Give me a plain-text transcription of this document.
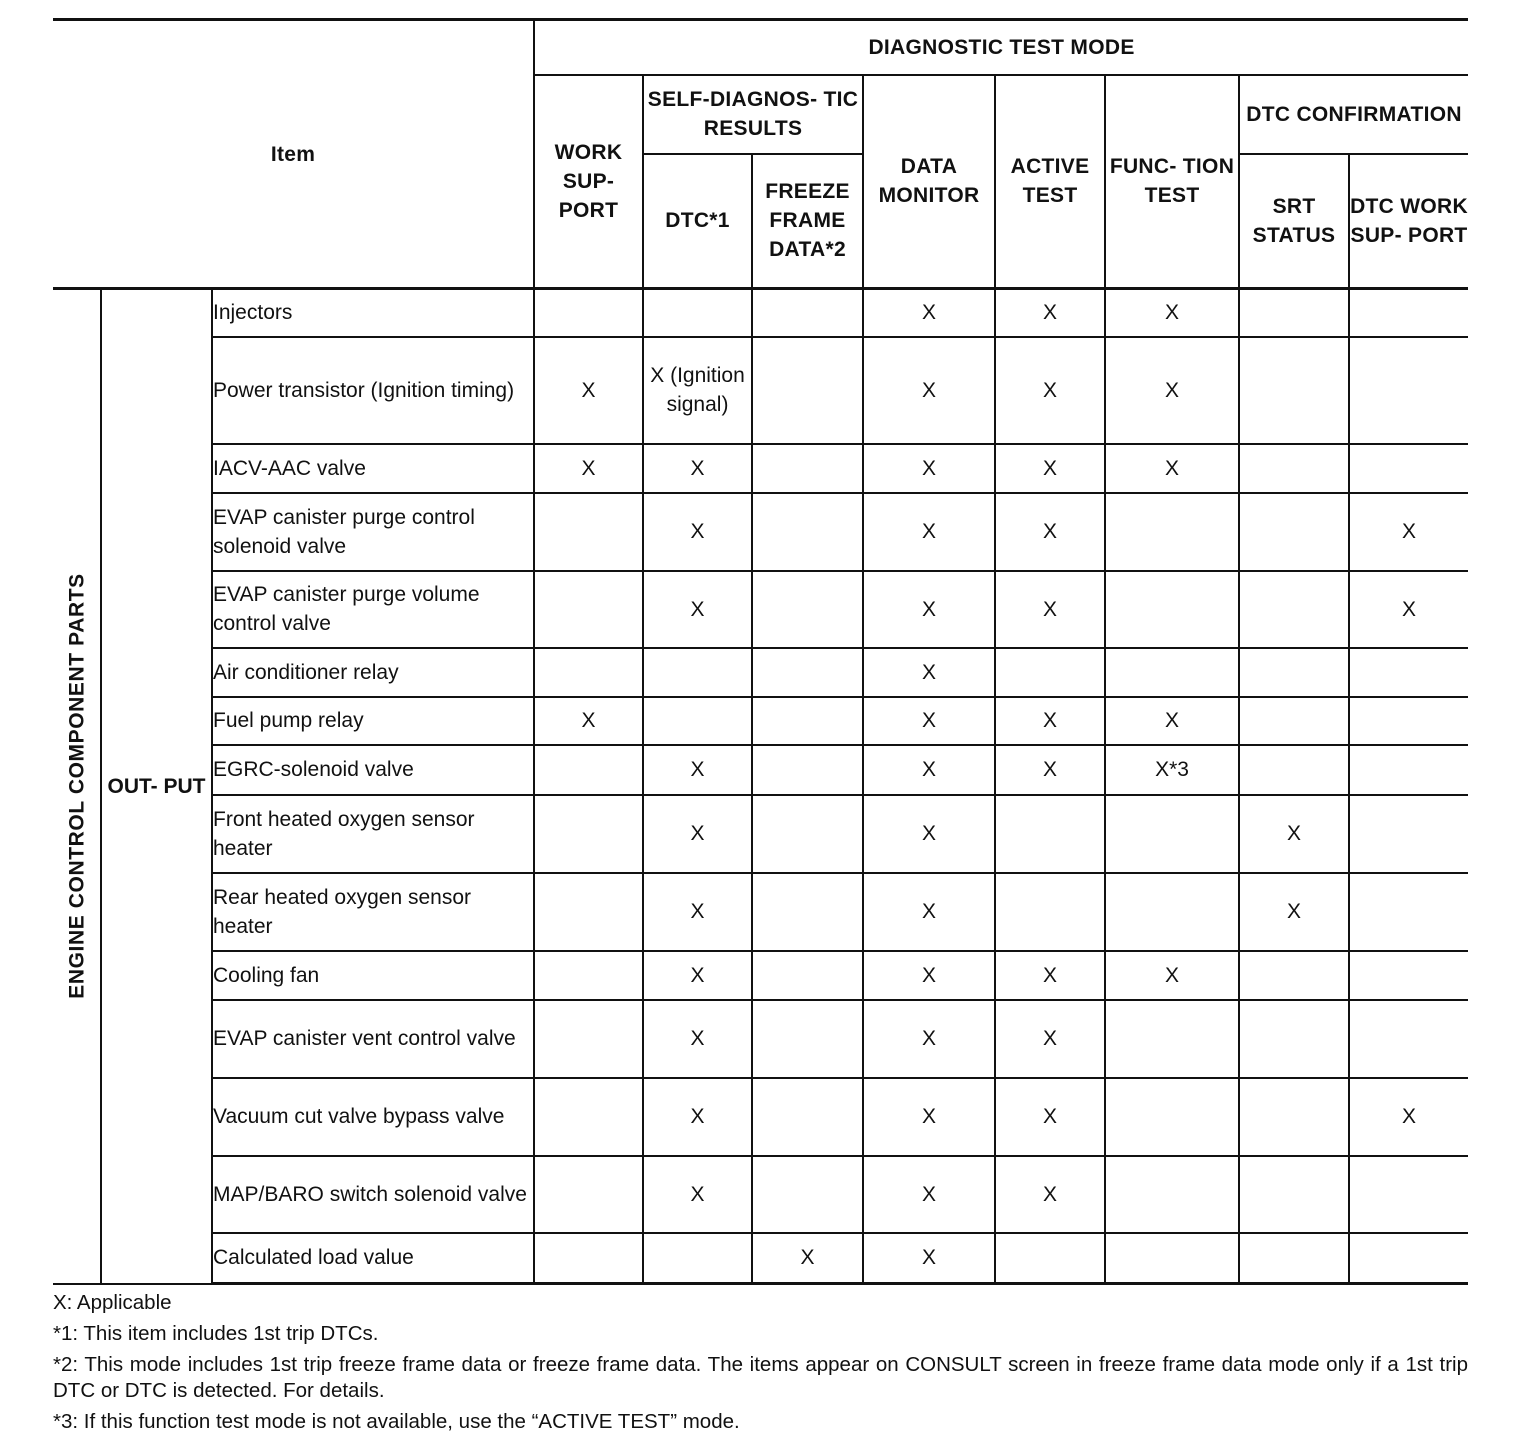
Item			DIAGNOSTIC TEST MODE							
			WORK SUP- PORT	SELF-DIAGNOS- TIC RESULTS		DATA MONITOR	ACTIVE TEST	FUNC- TION TEST	DTC CONFIRMATION	
				DTC*1	FREEZE FRAME DATA*2				SRT STATUS	DTC WORK SUP- PORT

ENGINE CONTROL COMPONENT PARTS	OUT- PUT	Injectors				X	X	X		
		Power transistor (Ignition timing)	X	X (Ignition signal)		X	X	X		
		IACV-AAC valve	X	X		X	X	X		
		EVAP canister purge control solenoid valve		X		X	X			X
		EVAP canister purge volume control valve		X		X	X			X
		Air conditioner relay				X				
		Fuel pump relay	X			X	X	X		
		EGRC-solenoid valve		X		X	X	X*3		
		Front heated oxygen sensor heater		X		X			X	
		Rear heated oxygen sensor heater		X		X			X	
		Cooling fan		X		X	X	X		
		EVAP canister vent control valve		X		X	X			
		Vacuum cut valve bypass valve		X		X	X			X
		MAP/BARO switch solenoid valve		X		X	X			
		Calculated load value			X	X				

X: Applicable

*1: This item includes 1st trip DTCs.

*2: This mode includes 1st trip freeze frame data or freeze frame data. The items appear on CONSULT screen in freeze frame data mode only if a 1st trip DTC or DTC is detected. For details.

*3: If this function test mode is not available, use the “ACTIVE TEST” mode.
